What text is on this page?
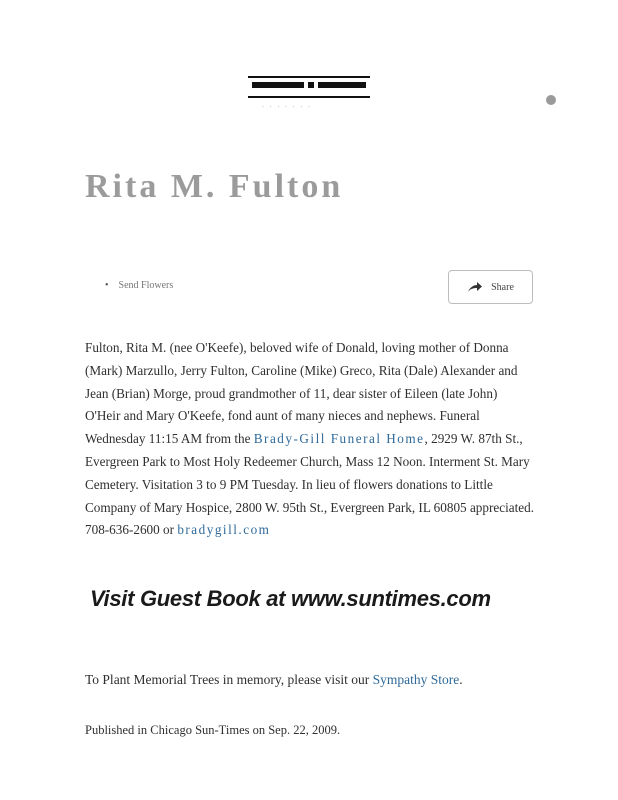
· · · · · · ·
Rita M. Fulton
• Send Flowers	Share

Fulton, Rita M. (nee O'Keefe), beloved wife of Donald, loving mother of Donna (Mark) Marzullo, Jerry Fulton, Caroline (Mike) Greco, Rita (Dale) Alexander and Jean (Brian) Morge, proud grandmother of 11, dear sister of Eileen (late John) O'Heir and Mary O'Keefe, fond aunt of many nieces and nephews. Funeral Wednesday 11:15 AM from the Brady-Gill Funeral Home, 2929 W. 87th St., Evergreen Park to Most Holy Redeemer Church, Mass 12 Noon. Interment St. Mary Cemetery. Visitation 3 to 9 PM Tuesday. In lieu of flowers donations to Little Company of Mary Hospice, 2800 W. 95th St., Evergreen Park, IL 60805 appreciated. 708-636-2600 or bradygill.com

Visit Guest Book at www.suntimes.com

To Plant Memorial Trees in memory, please visit our Sympathy Store.

Published in Chicago Sun-Times on Sep. 22, 2009.
